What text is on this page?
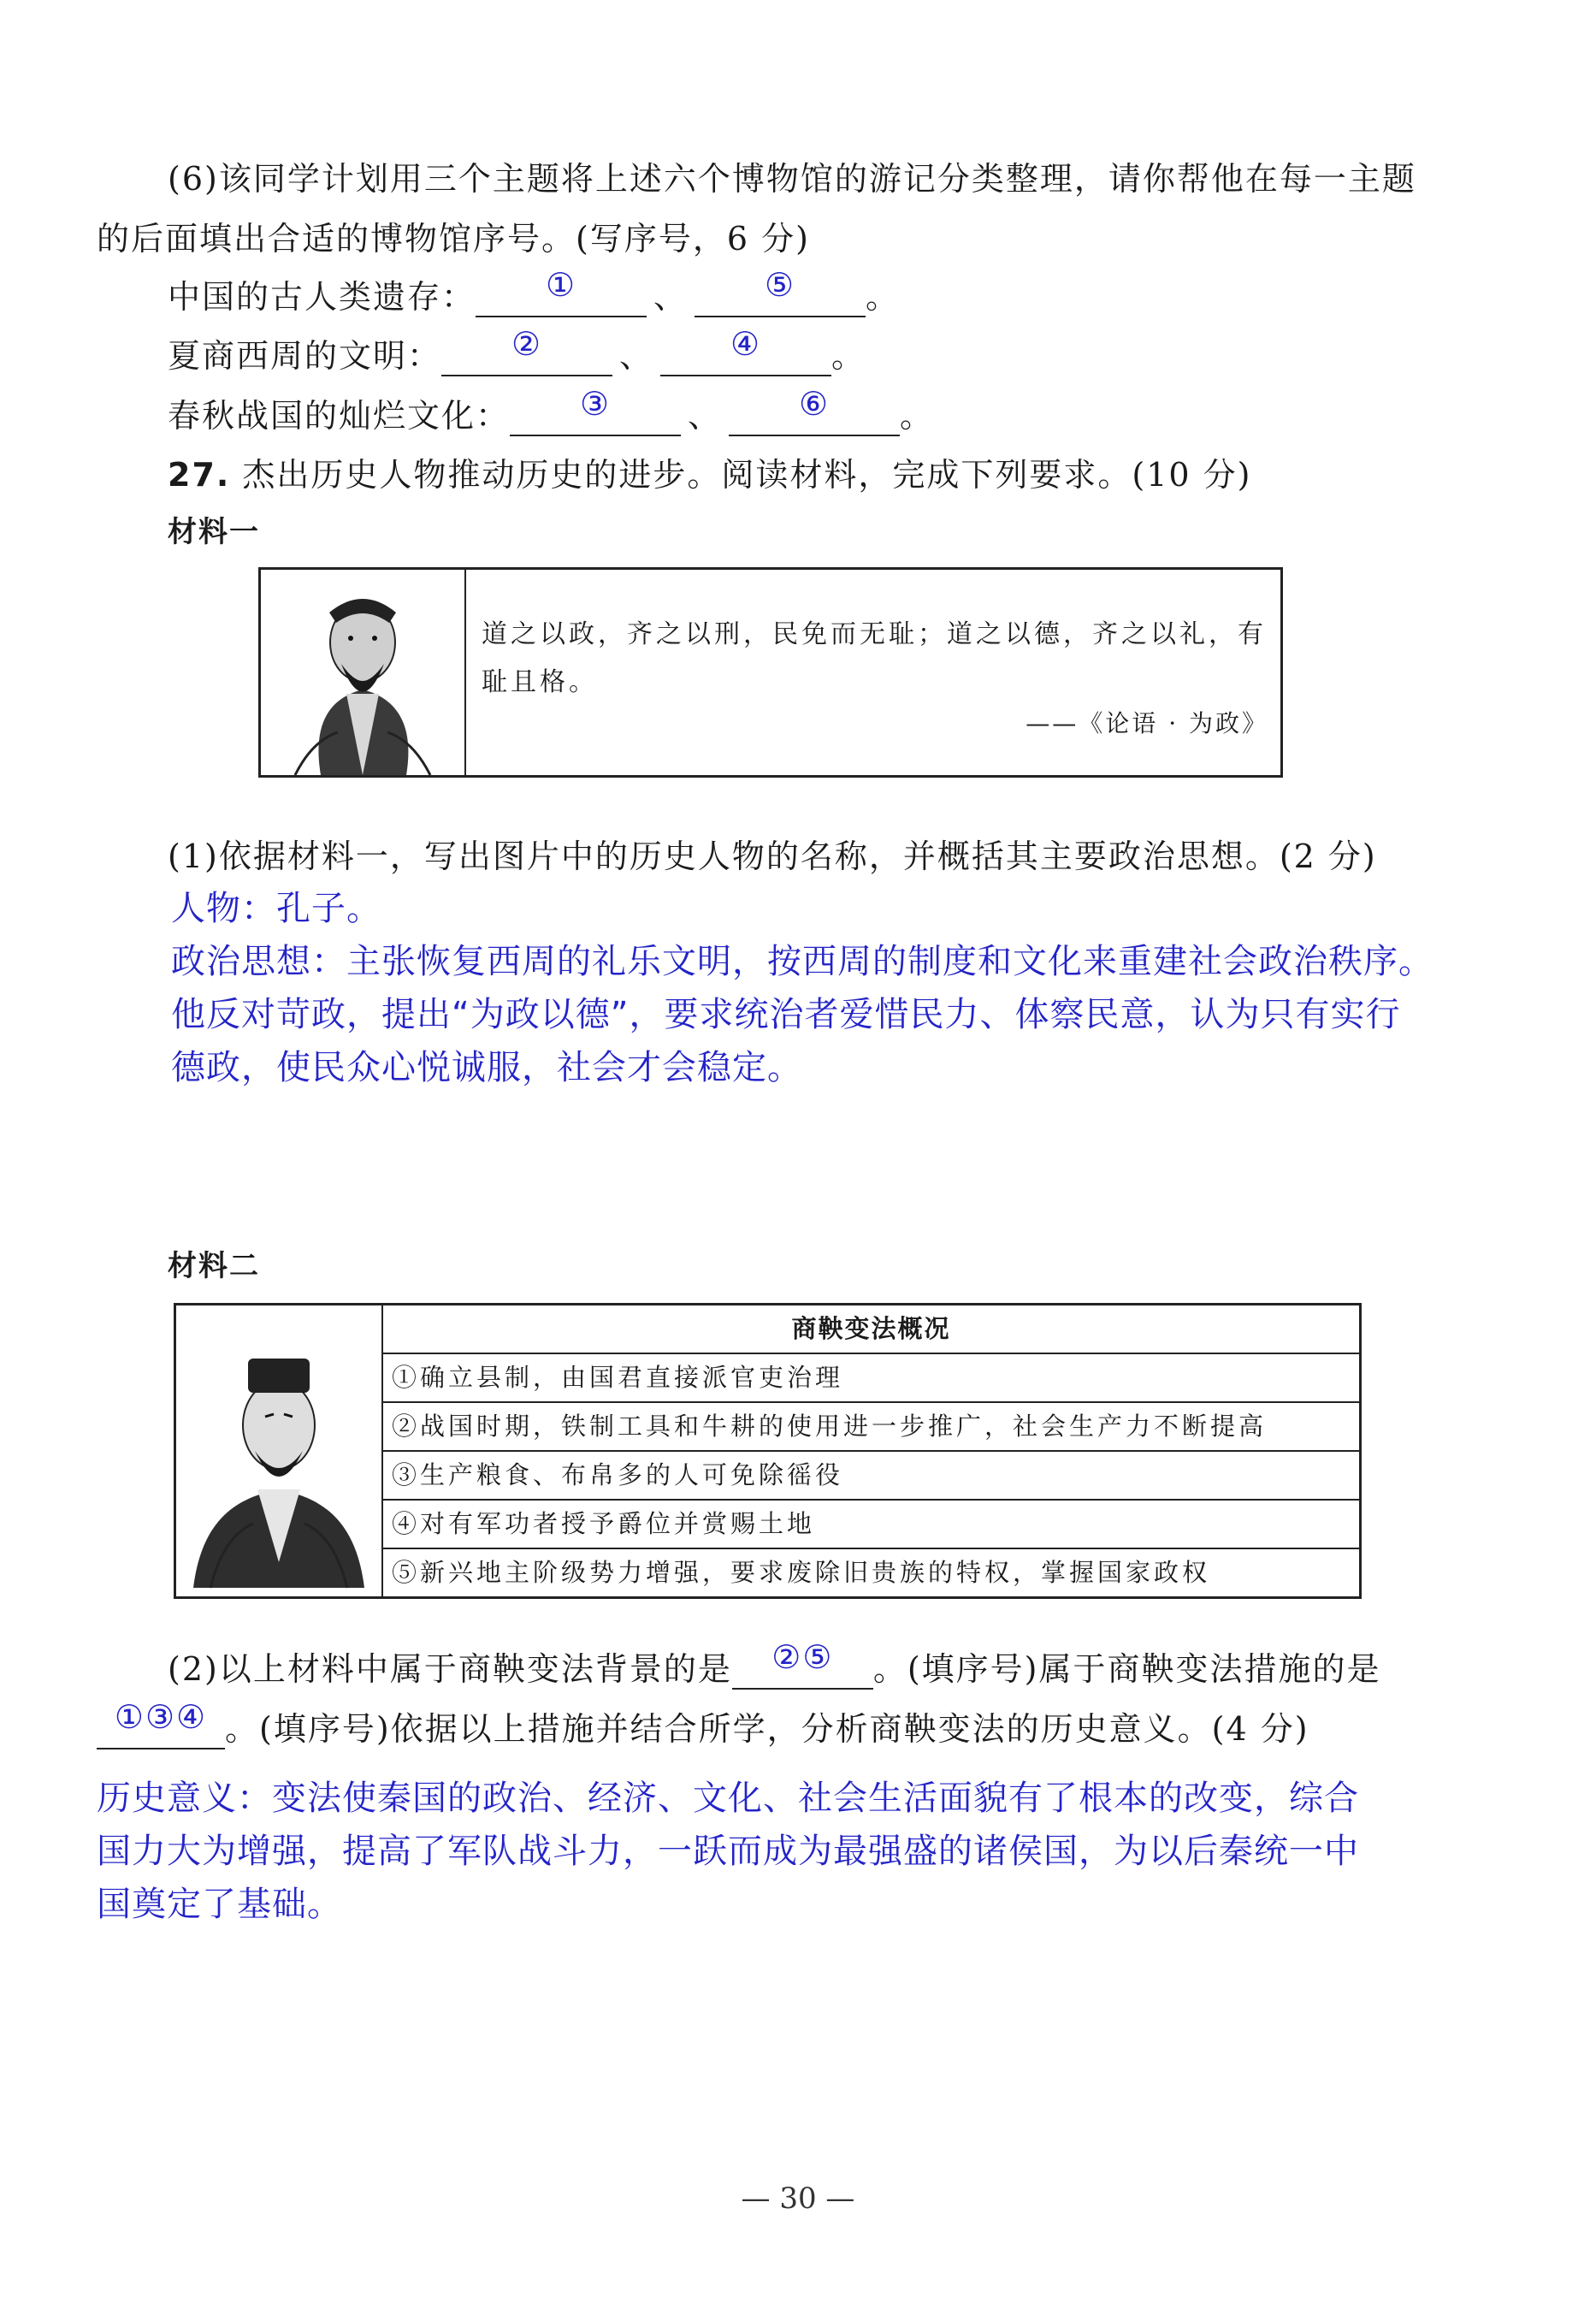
(6)该同学计划用三个主题将上述六个博物馆的游记分类整理，请你帮他在每一主题
的后面填出合适的博物馆序号。(写序号，6 分)
中国的古人类遗存： ① 、 ⑤ 。
夏商西周的文明： ② 、 ④ 。
春秋战国的灿烂文化： ③ 、 ⑥ 。
27. 杰出历史人物推动历史的进步。阅读材料，完成下列要求。(10 分)
材料一
道之以政，齐之以刑，民免而无耻；道之以德，齐之以礼，有耻且格。
——《论语 · 为政》
(1)依据材料一，写出图片中的历史人物的名称，并概括其主要政治思想。(2 分)
人物：孔子。
政治思想：主张恢复西周的礼乐文明，按西周的制度和文化来重建社会政治秩序。
他反对苛政，提出“为政以德”，要求统治者爱惜民力、体察民意，认为只有实行
德政，使民众心悦诚服，社会才会稳定。
材料二
商鞅变法概况
①确立县制，由国君直接派官吏治理
②战国时期，铁制工具和牛耕的使用进一步推广，社会生产力不断提高
③生产粮食、布帛多的人可免除徭役
④对有军功者授予爵位并赏赐土地
⑤新兴地主阶级势力增强，要求废除旧贵族的特权，掌握国家政权
(2)以上材料中属于商鞅变法背景的是 ②⑤ 。(填序号)属于商鞅变法措施的是
①③④ 。(填序号)依据以上措施并结合所学，分析商鞅变法的历史意义。(4 分)
历史意义：变法使秦国的政治、经济、文化、社会生活面貌有了根本的改变，综合
国力大为增强，提高了军队战斗力，一跃而成为最强盛的诸侯国，为以后秦统一中
国奠定了基础。
— 30 —
